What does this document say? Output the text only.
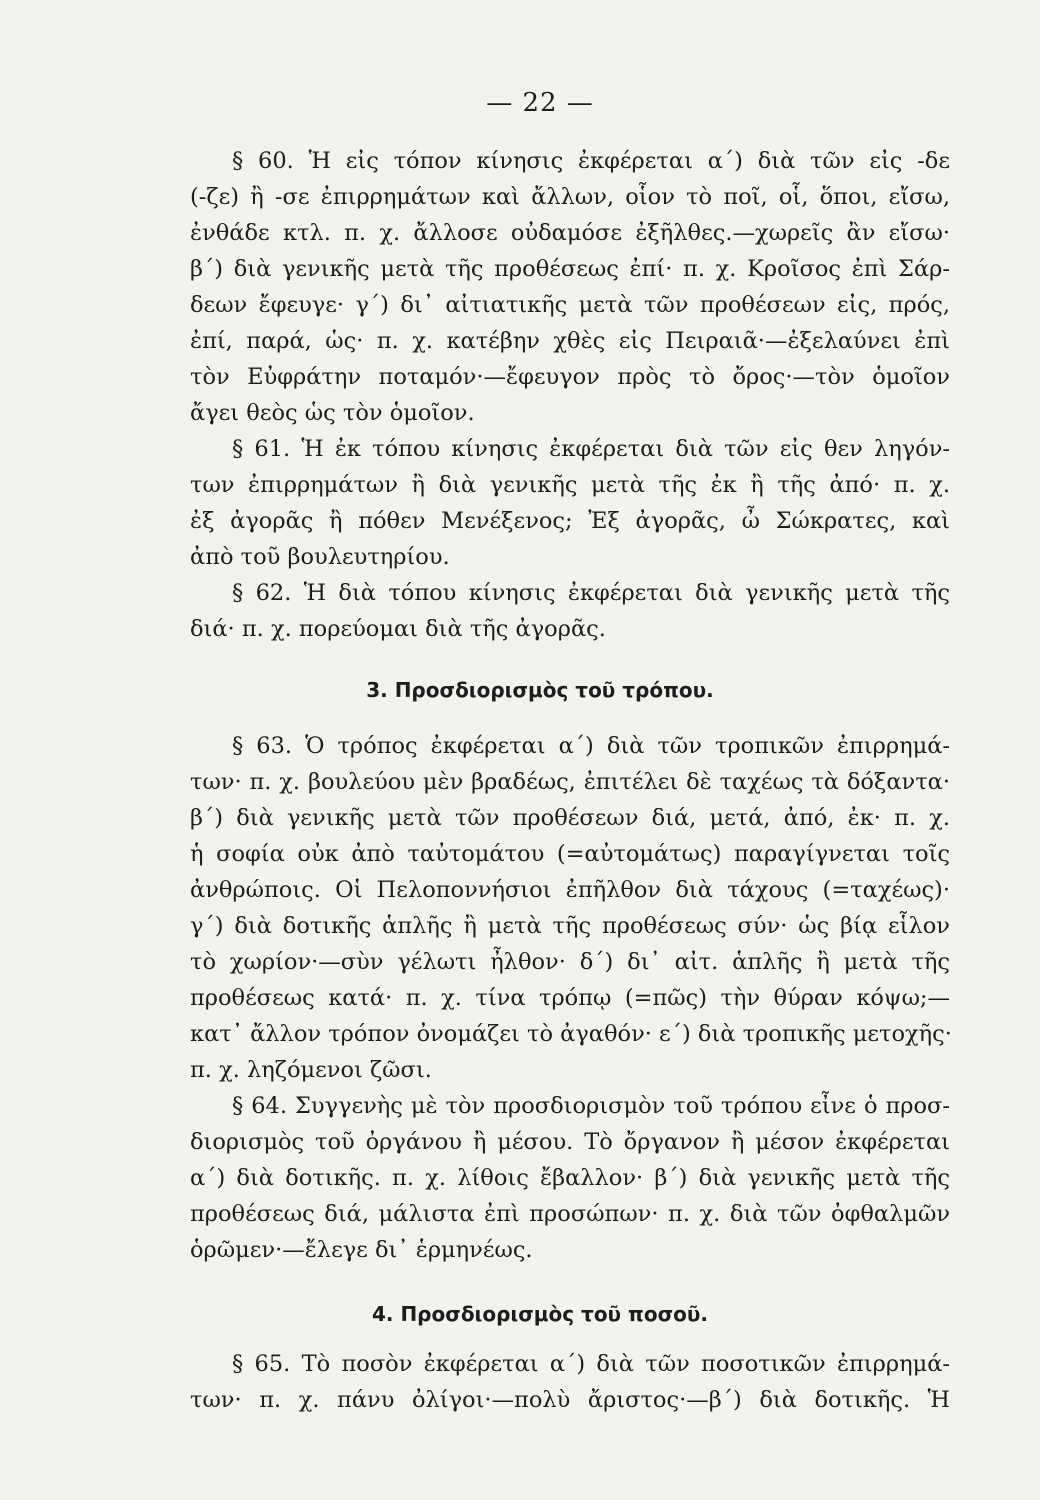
— 22 —
§ 60. Ἡ εἰς τόπον κίνησις ἐκφέρεται α΄) διὰ τῶν εἰς -δε
(-ζε) ἢ -σε ἐπιρρημάτων καὶ ἄλλων, οἷον τὸ ποῖ, οἷ, ὅποι, εἴσω,
ἐνθάδε κτλ. π. χ. ἄλλοσε οὐδαμόσε ἐξῆλθες.—χωρεῖς ἂν εἴσω·
β΄) διὰ γενικῆς μετὰ τῆς προθέσεως ἐπί· π. χ. Κροῖσος ἐπὶ Σάρ-
δεων ἔφευγε· γ΄) δι᾿ αἰτιατικῆς μετὰ τῶν προθέσεων εἰς, πρός,
ἐπί, παρά, ὡς· π. χ. κατέβην χθὲς εἰς Πειραιᾶ·—ἐξελαύνει ἐπὶ
τὸν Εὐφράτην ποταμόν·—ἔφευγον πρὸς τὸ ὄρος·—τὸν ὁμοῖον
ἄγει θεὸς ὡς τὸν ὁμοῖον.
§ 61. Ἡ ἐκ τόπου κίνησις ἐκφέρεται διὰ τῶν εἰς θεν ληγόν-
των ἐπιρρημάτων ἢ διὰ γενικῆς μετὰ τῆς ἐκ ἢ τῆς ἀπό· π. χ.
ἐξ ἀγορᾶς ἢ πόθεν Μενέξενος; Ἐξ ἀγορᾶς, ὦ Σώκρατες, καὶ
ἀπὸ τοῦ βουλευτηρίου.
§ 62. Ἡ διὰ τόπου κίνησις ἐκφέρεται διὰ γενικῆς μετὰ τῆς
διά· π. χ. πορεύομαι διὰ τῆς ἀγορᾶς.
3. Προσδιορισμὸς τοῦ τρόπου.
§ 63. Ὁ τρόπος ἐκφέρεται α΄) διὰ τῶν τροπικῶν ἐπιρρημά-
των· π. χ. βουλεύου μὲν βραδέως, ἐπιτέλει δὲ ταχέως τὰ δόξαντα·
β΄) διὰ γενικῆς μετὰ τῶν προθέσεων διά, μετά, ἀπό, ἐκ· π. χ.
ἡ σοφία οὐκ ἀπὸ ταὐτομάτου (=αὐτομάτως) παραγίγνεται τοῖς
ἀνθρώποις. Οἱ Πελοποννήσιοι ἐπῆλθον διὰ τάχους (=ταχέως)·
γ΄) διὰ δοτικῆς ἁπλῆς ἢ μετὰ τῆς προθέσεως σύν· ὡς βίᾳ εἷλον
τὸ χωρίον·—σὺν γέλωτι ἦλθον· δ΄) δι᾿ αἰτ. ἁπλῆς ἢ μετὰ τῆς
προθέσεως κατά· π. χ. τίνα τρόπῳ (=πῶς) τὴν θύραν κόψω;—
κατ᾿ ἄλλον τρόπον ὀνομάζει τὸ ἀγαθόν· ε΄) διὰ τροπικῆς μετοχῆς·
π. χ. ληζόμενοι ζῶσι.
§ 64. Συγγενὴς μὲ τὸν προσδιορισμὸν τοῦ τρόπου εἶνε ὁ προσ-
διορισμὸς τοῦ ὀργάνου ἢ μέσου. Τὸ ὄργανον ἢ μέσον ἐκφέρεται
α΄) διὰ δοτικῆς. π. χ. λίθοις ἔβαλλον· β΄) διὰ γενικῆς μετὰ τῆς
προθέσεως διά, μάλιστα ἐπὶ προσώπων· π. χ. διὰ τῶν ὀφθαλμῶν
ὁρῶμεν·—ἔλεγε δι᾿ ἑρμηνέως.
4. Προσδιορισμὸς τοῦ ποσοῦ.
§ 65. Τὸ ποσὸν ἐκφέρεται α΄) διὰ τῶν ποσοτικῶν ἐπιρρημά-
των· π. χ. πάνυ ὀλίγοι·—πολὺ ἄριστος·—β΄) διὰ δοτικῆς. Ἡ
